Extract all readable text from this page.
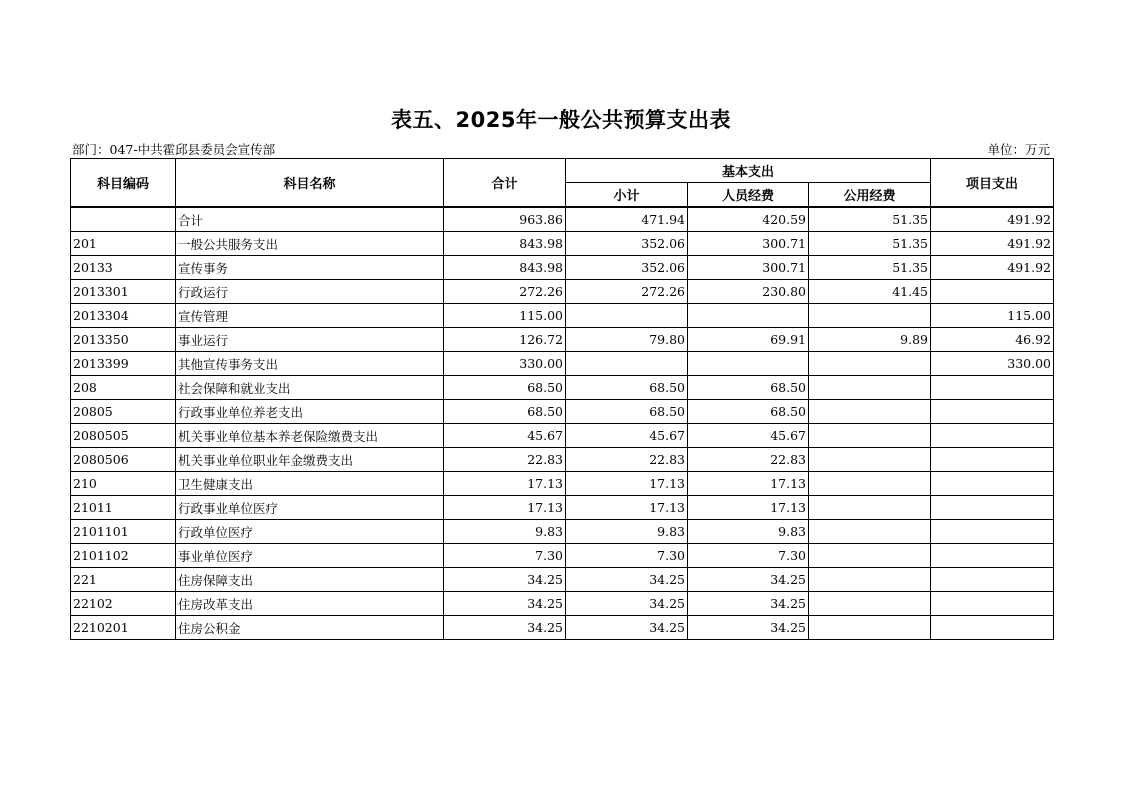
表五、2025年一般公共预算支出表
部门：047-中共霍邱县委员会宣传部	单位：万元
科目编码	科目名称	合计	基本支出			项目支出
			小计	人员经费	公用经费	
	合计	963.86	471.94	420.59	51.35	491.92
201	一般公共服务支出	843.98	352.06	300.71	51.35	491.92
20133	宣传事务	843.98	352.06	300.71	51.35	491.92
2013301	行政运行	272.26	272.26	230.80	41.45	
2013304	宣传管理	115.00				115.00
2013350	事业运行	126.72	79.80	69.91	9.89	46.92
2013399	其他宣传事务支出	330.00				330.00
208	社会保障和就业支出	68.50	68.50	68.50		
20805	行政事业单位养老支出	68.50	68.50	68.50		
2080505	机关事业单位基本养老保险缴费支出	45.67	45.67	45.67		
2080506	机关事业单位职业年金缴费支出	22.83	22.83	22.83		
210	卫生健康支出	17.13	17.13	17.13		
21011	行政事业单位医疗	17.13	17.13	17.13		
2101101	行政单位医疗	9.83	9.83	9.83		
2101102	事业单位医疗	7.30	7.30	7.30		
221	住房保障支出	34.25	34.25	34.25		
22102	住房改革支出	34.25	34.25	34.25		
2210201	住房公积金	34.25	34.25	34.25		
